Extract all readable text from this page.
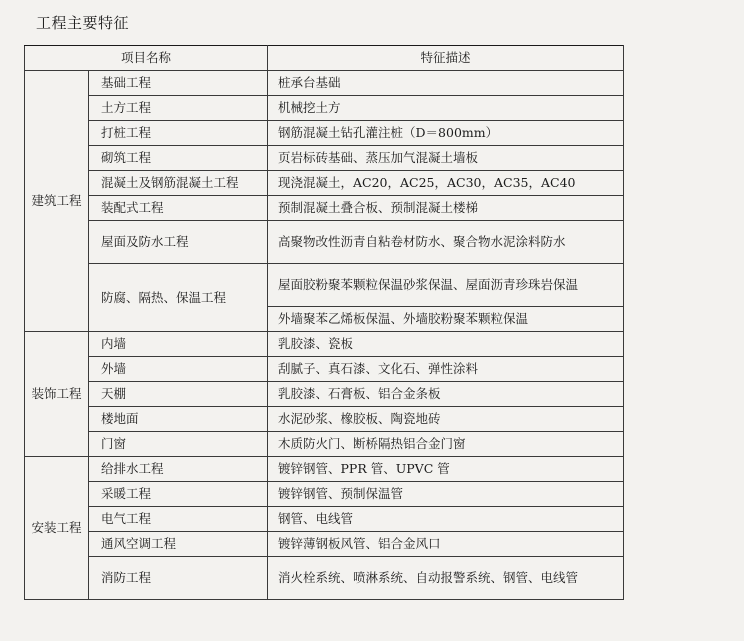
工程主要特征
项目名称		特征描述
建筑工程	基础工程	桩承台基础
	土方工程	机械挖土方
	打桩工程	钢筋混凝土钻孔灌注桩（D＝800mm）
	砌筑工程	页岩标砖基础、蒸压加气混凝土墙板
	混凝土及钢筋混凝土工程	现浇混凝土，AC20，AC25，AC30，AC35，AC40
	装配式工程	预制混凝土叠合板、预制混凝土楼梯
	屋面及防水工程	高聚物改性沥青自粘卷材防水、聚合物水泥涂料防水
	防腐、隔热、保温工程	屋面胶粉聚苯颗粒保温砂浆保温、屋面沥青珍珠岩保温
		外墙聚苯乙烯板保温、外墙胶粉聚苯颗粒保温
装饰工程	内墙	乳胶漆、瓷板
	外墙	刮腻子、真石漆、文化石、弹性涂料
	天棚	乳胶漆、石膏板、铝合金条板
	楼地面	水泥砂浆、橡胶板、陶瓷地砖
	门窗	木质防火门、断桥隔热铝合金门窗
安装工程	给排水工程	镀锌钢管、PPR 管、UPVC 管
	采暖工程	镀锌钢管、预制保温管
	电气工程	钢管、电线管
	通风空调工程	镀锌薄钢板风管、铝合金风口
	消防工程	消火栓系统、喷淋系统、自动报警系统、钢管、电线管
